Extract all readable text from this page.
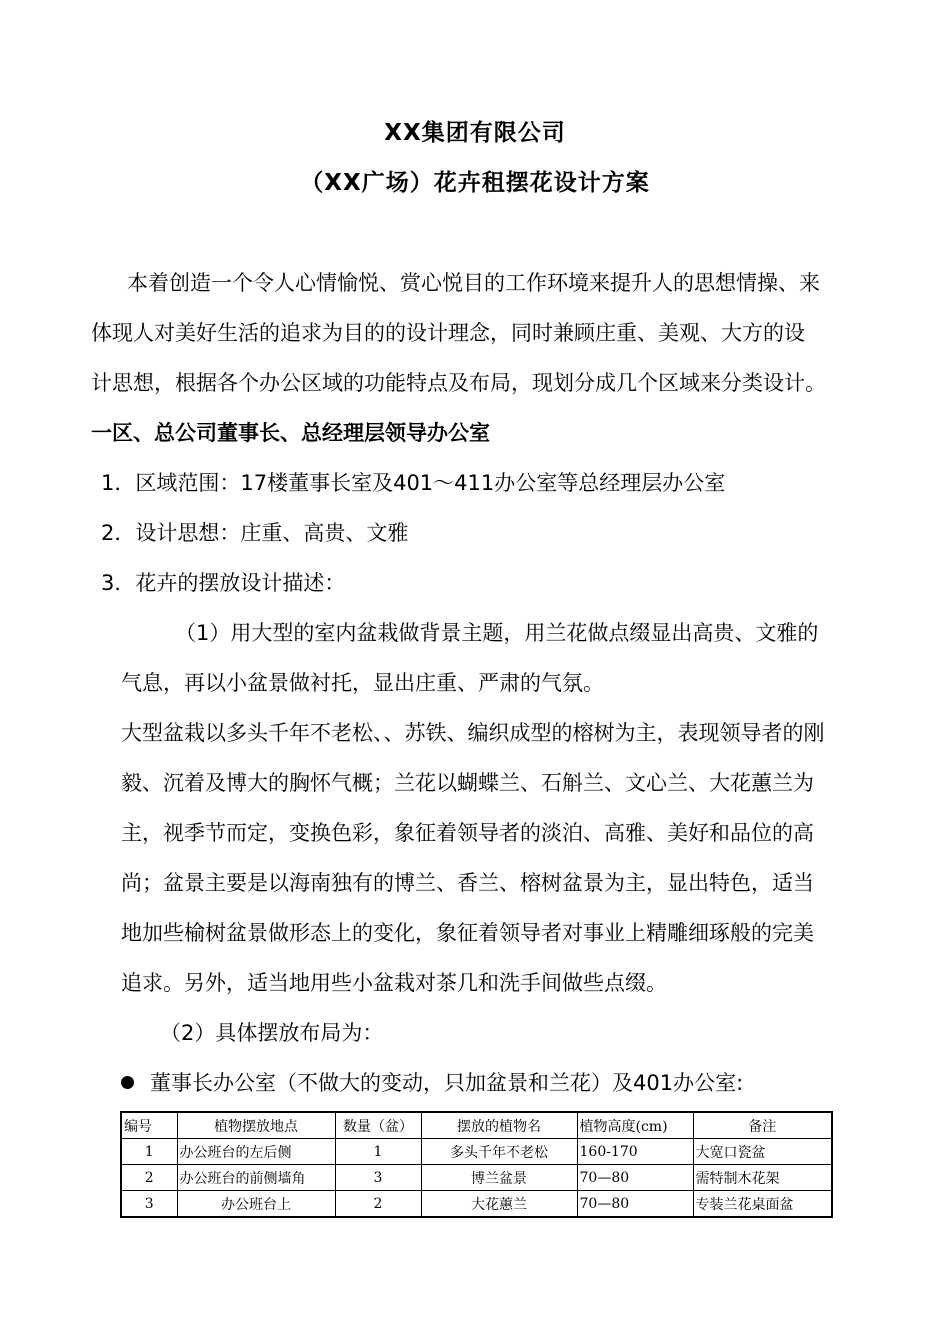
XX集团有限公司
（XX广场）花卉租摆花设计方案

本着创造一个令人心情愉悦、赏心悦目的工作环境来提升人的思想情操、来

体现人对美好生活的追求为目的的设计理念，同时兼顾庄重、美观、大方的设

计思想，根据各个办公区域的功能特点及布局，现划分成几个区域来分类设计。

一区、总公司董事长、总经理层领导办公室

1．区域范围：17楼董事长室及401～411办公室等总经理层办公室

2．设计思想：庄重、高贵、文雅

3．花卉的摆放设计描述：

（1）用大型的室内盆栽做背景主题，用兰花做点缀显出高贵、文雅的

气息，再以小盆景做衬托，显出庄重、严肃的气氛。

大型盆栽以多头千年不老松、、苏铁、编织成型的榕树为主，表现领导者的刚

毅、沉着及博大的胸怀气概；兰花以蝴蝶兰、石斛兰、文心兰、大花蕙兰为

主，视季节而定，变换色彩，象征着领导者的淡泊、高雅、美好和品位的高

尚；盆景主要是以海南独有的博兰、香兰、榕树盆景为主，显出特色，适当

地加些榆树盆景做形态上的变化，象征着领导者对事业上精雕细琢般的完美

追求。另外，适当地用些小盆栽对茶几和洗手间做些点缀。

（2）具体摆放布局为：

董事长办公室（不做大的变动，只加盆景和兰花）及401办公室:

编号	植物摆放地点	数量（盆）	摆放的植物名	植物高度(cm)	备注
1	办公班台的左后侧	1	多头千年不老松	160-170	大宽口瓷盆
2	办公班台的前侧墙角	3	博兰盆景	70—80	需特制木花架
3	办公班台上	2	大花蕙兰	70—80	专装兰花桌面盆
